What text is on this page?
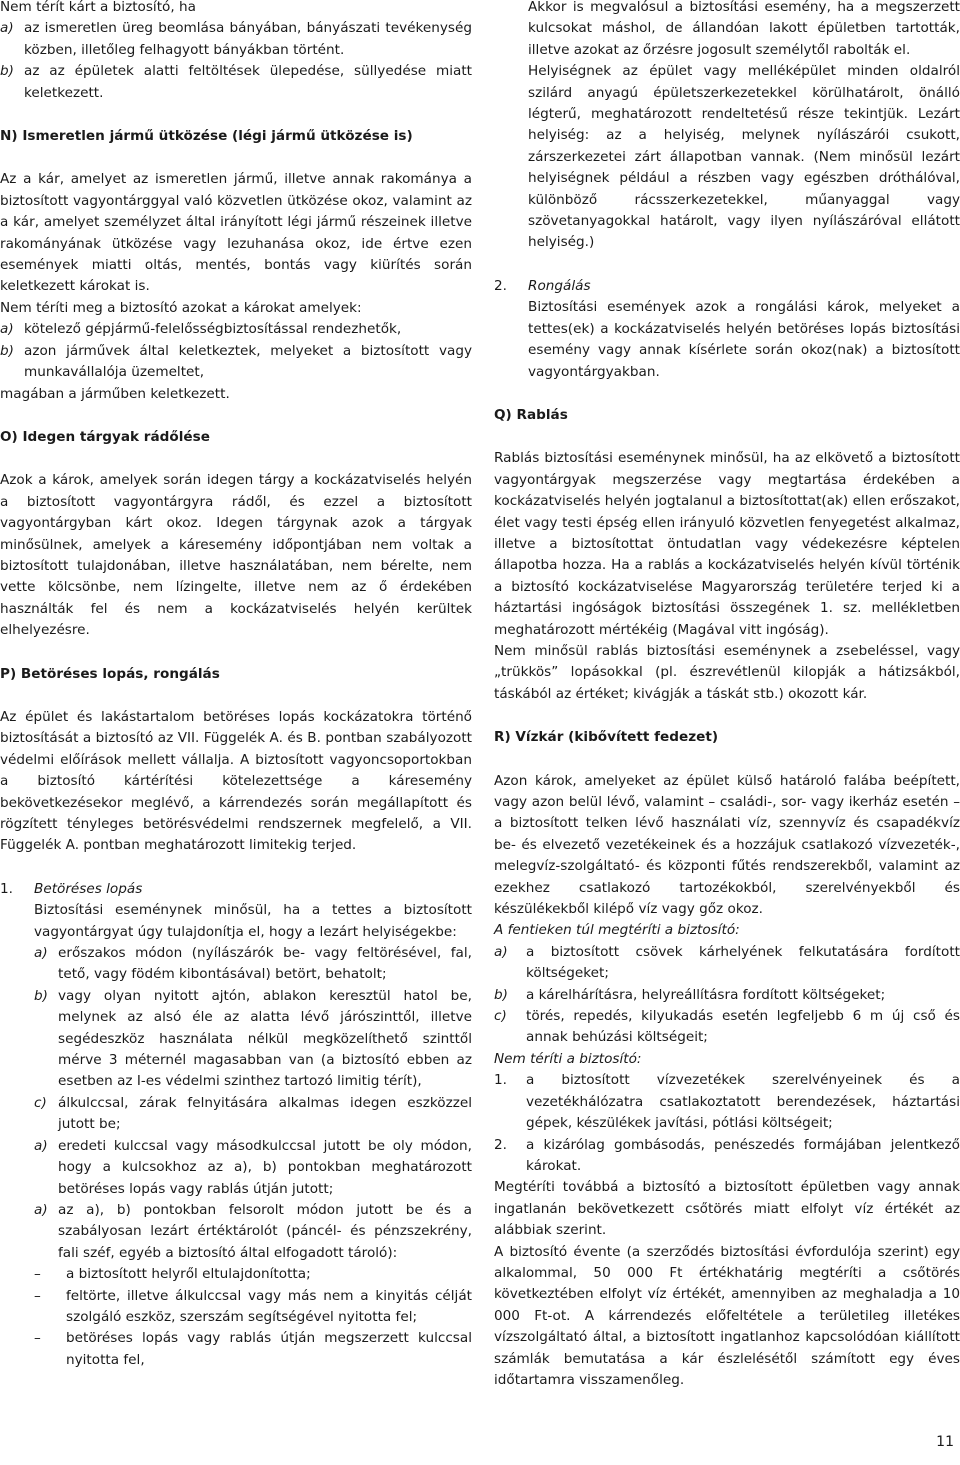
Nem térít kárt a biztosító, ha

a) az ismeretlen üreg beomlása bányában, bányászati tevékenység közben, illetőleg felhagyott bányákban történt.
b) az az épületek alatti feltöltések ülepedése, süllyedése miatt keletkezett.

N) Ismeretlen jármű ütközése (légi jármű ütközése is)

Az a kár, amelyet az ismeretlen jármű, illetve annak rakománya a biztosított vagyontárggyal való közvetlen ütközése okoz, valamint az a kár, amelyet személyzet által irányított légi jármű részeinek illetve rakományának ütközése vagy lezuhanása okoz, ide értve ezen események miatti oltás, mentés, bontás vagy kiürítés során keletkezett károkat is.

Nem téríti meg a biztosító azokat a károkat amelyek:

a) kötelező gépjármű-felelősségbiztosítással rendezhetők,
b) azon járművek által keletkeztek, melyeket a biztosított vagy munkavállalója üzemeltet,

magában a járműben keletkezett.

O) Idegen tárgyak rádőlése

Azok a károk, amelyek során idegen tárgy a kockázatviselés helyén a biztosított vagyontárgyra rádől, és ezzel a biztosított vagyontárgyban kárt okoz. Idegen tárgynak azok a tárgyak minősülnek, amelyek a káresemény időpontjában nem voltak a biztosított tulajdonában, illetve használatában, nem bérelte, nem vette kölcsönbe, nem lízingelte, illetve nem az ő érdekében használták fel és nem a kockázatviselés helyén kerültek elhelyezésre.

P) Betöréses lopás, rongálás

Az épület és lakástartalom betöréses lopás kockázatokra történő biztosítását a biztosító az VII. Függelék A. és B. pontban szabályozott védelmi előírások mellett vállalja. A biztosított vagyoncsoportokban a biztosító kártérítési kötelezettsége a káresemény bekövetkezésekor meglévő, a kárrendezés során megállapított és rögzített tényleges betörésvédelmi rendszernek megfelelő, a VII. Függelék A. pontban meghatározott limitekig terjed.

1.	Betöréses lopás

Biztosítási eseménynek minősül, ha a tettes a biztosított vagyontárgyat úgy tulajdonítja el, hogy a lezárt helyiségekbe:

a) erőszakos módon (nyílászárók be- vagy feltörésével, fal, tető, vagy födém kibontásával) betört, behatolt;
b) vagy olyan nyitott ajtón, ablakon keresztül hatol be, melynek az alsó éle az alatta lévő járószinttől, illetve segédeszköz használata nélkül megközelíthető szinttől mérve 3 méternél magasabban van (a biztosító ebben az esetben az I-es védelmi szinthez tartozó limitig térít),
c) álkulccsal, zárak felnyitására alkalmas idegen eszközzel jutott be;
a) eredeti kulccsal vagy másodkulccsal jutott be oly módon, hogy a kulcsokhoz az a), b) pontokban meghatározott betöréses lopás vagy rablás útján jutott;
a) az a), b) pontokban felsorolt módon jutott be és a szabályosan lezárt értéktárolót (páncél- és pénzszekrény, fali széf, egyéb a biztosító által elfogadott tároló):
–	a biztosított helyről eltulajdonította;
–	feltörte, illetve álkulccsal vagy más nem a kinyitás célját szolgáló eszköz, szerszám segítségével nyitotta fel;
–	betöréses lopás vagy rablás útján megszerzett kulccsal nyitotta fel,

Akkor is megvalósul a biztosítási esemény, ha a megszerzett kulcsokat máshol, de állandóan lakott épületben tartották, illetve azokat az őrzésre jogosult személytől rabolták el.

Helyiségnek az épület vagy melléképület minden oldalról szilárd anyagú épületszerkezetekkel körülhatárolt, önálló légterű, meghatározott rendeltetésű része tekintjük. Lezárt helyiség: az a helyiség, melynek nyílászárói csukott, zárszerkezetei zárt állapotban vannak. (Nem minősül lezárt helyiségnek például a részben vagy egészben dróthálóval, különböző rácsszerkezetekkel, műanyaggal vagy szövetanyagokkal határolt, vagy ilyen nyílászáróval ellátott helyiség.)

2.	Rongálás

Biztosítási események azok a rongálási károk, melyeket a tettes(ek) a kockázatviselés helyén betöréses lopás biztosítási esemény vagy annak kísérlete során okoz(nak) a biztosított vagyontárgyakban.

Q) Rablás

Rablás biztosítási eseménynek minősül, ha az elkövető a biztosított vagyontárgyak megszerzése vagy megtartása érdekében a kockázatviselés helyén jogtalanul a biztosítottat(ak) ellen erőszakot, élet vagy testi épség ellen irányuló közvetlen fenyegetést alkalmaz, illetve a biztosítottat öntudatlan vagy védekezésre képtelen állapotba hozza. Ha a rablás a kockázatviselés helyén kívül történik a biztosító kockázatviselése Magyarország területére terjed ki a háztartási ingóságok biztosítási összegének 1. sz. mellékletben meghatározott mértékéig (Magával vitt ingóság).

Nem minősül rablás biztosítási eseménynek a zsebeléssel, vagy „trükkös” lopásokkal (pl. észrevétlenül kilopják a hátizsákból, táskából az értéket; kivágják a táskát stb.) okozott kár.

R) Vízkár (kibővített fedezet)

Azon károk, amelyeket az épület külső határoló falába beépített, vagy azon belül lévő, valamint – családi-, sor- vagy ikerház esetén – a biztosított telken lévő használati víz, szennyvíz és csapadékvíz be- és elvezető vezetékeinek és a hozzájuk csatlakozó vízvezeték-, melegvíz-szolgáltató- és központi fűtés rendszerekből, valamint az ezekhez csatlakozó tartozékokból, szerelvényekből és készülékekből kilépő víz vagy gőz okoz.

A fentieken túl megtéríti a biztosító:

a)	a biztosított csövek kárhelyének felkutatására fordított költségeket;
b)	a kárelhárításra, helyreállításra fordított költségeket;
c)	törés, repedés, kilyukadás esetén legfeljebb 6 m új cső és annak behúzási költségeit;

Nem téríti a biztosító:

1.	a biztosított vízvezetékek szerelvényeinek és a vezetékhálózatra csatlakoztatott berendezések, háztartási gépek, készülékek javítási, pótlási költségeit;
2.	a kizárólag gombásodás, penészedés formájában jelentkező károkat.

Megtéríti továbbá a biztosító a biztosított épületben vagy annak ingatlanán bekövetkezett csőtörés miatt elfolyt víz értékét az alábbiak szerint.

A biztosító évente (a szerződés biztosítási évfordulója szerint) egy alkalommal, 50 000 Ft értékhatárig megtéríti a csőtörés következtében elfolyt víz értékét, amennyiben az meghaladja a 10 000 Ft-ot. A kárrendezés előfeltétele a területileg illetékes vízszolgáltató által, a biztosított ingatlanhoz kapcsolódóan kiállított számlák bemutatása a kár észlelésétől számított egy éves időtartamra visszamenőleg.

11
